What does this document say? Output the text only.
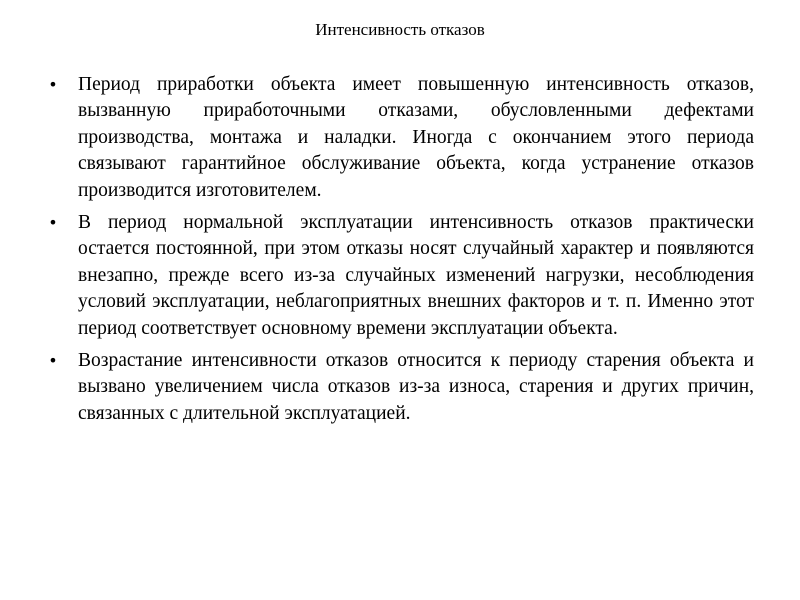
Интенсивность отказов
• Период приработки объекта имеет повышенную интенсивность отказов, вызванную приработочными отказами, обусловленными дефектами производства, монтажа и наладки. Иногда с окончанием этого периода связывают гарантийное обслуживание объекта, когда устранение отказов производится изготовителем.
• В период нормальной эксплуатации интенсивность отказов практически остается постоянной, при этом отказы носят случайный характер и появляются внезапно, прежде всего из-за случайных изменений нагрузки, несоблюдения условий эксплуатации, неблагоприятных внешних факторов и т. п. Именно этот период соответствует основному времени эксплуатации объекта.
• Возрастание интенсивности отказов относится к периоду старения объекта и вызвано увеличением числа отказов из-за износа, старения и других причин, связанных с длительной эксплуатацией.
